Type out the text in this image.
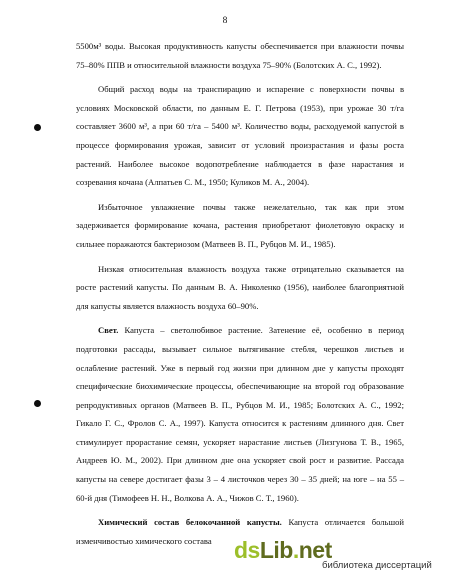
8

5500м³ воды. Высокая продуктивность капусты обеспечивается при влажности почвы 75–80% ППВ и относительной влажности воздуха 75–90% (Болотских А. С., 1992).

Общий расход воды на транспирацию и испарение с поверхности почвы в условиях Московской области, по данным Е. Г. Петрова (1953), при урожае 30 т/га составляет 3600 м³, а при 60 т/га – 5400 м³. Количество воды, расходуемой капустой в процессе формирования урожая, зависит от условий произрастания и фазы роста растений. Наиболее высокое водопотребление наблюдается в фазе нарастания и созревания кочана (Алпатьев С. М., 1950; Куликов М. А., 2004).

Избыточное увлажнение почвы также нежелательно, так как при этом задерживается формирование кочана, растения приобретают фиолетовую окраску и сильнее поражаются бактериозом (Матвеев В. П., Рубцов М. И., 1985).

Низкая относительная влажность воздуха также отрицательно сказывается на росте растений капусты. По данным В. А. Николенко (1956), наиболее благоприятной для капусты является влажность воздуха 60–90%.

Свет. Капуста – светолюбивое растение. Затенение её, особенно в период подготовки рассады, вызывает сильное вытягивание стебля, черешков листьев и ослабление растений. Уже в первый год жизни при длинном дне у капусты проходят специфические биохимические процессы, обеспечивающие на второй год образование репродуктивных органов (Матвеев В. П., Рубцов М. И., 1985; Болотских А. С., 1992; Гикало Г. С., Фролов С. А., 1997). Капуста относится к растениям длинного дня. Свет стимулирует прорастание семян, ускоряет нарастание листьев (Лизгунова Т. В., 1965, Андреев Ю. М., 2002). При длинном дне она ускоряет свой рост и развитие. Рассада капусты на севере достигает фазы 3 – 4 листочков через 30 – 35 дней; на юге – на 55 – 60-й дня (Тимофеев Н. Н., Волкова А. А., Чижов С. Т., 1960).

Химический состав белокочанной капусты. Капуста отличается большой изменчивостью химического состава dsLib.net
библиотека диссертаций
